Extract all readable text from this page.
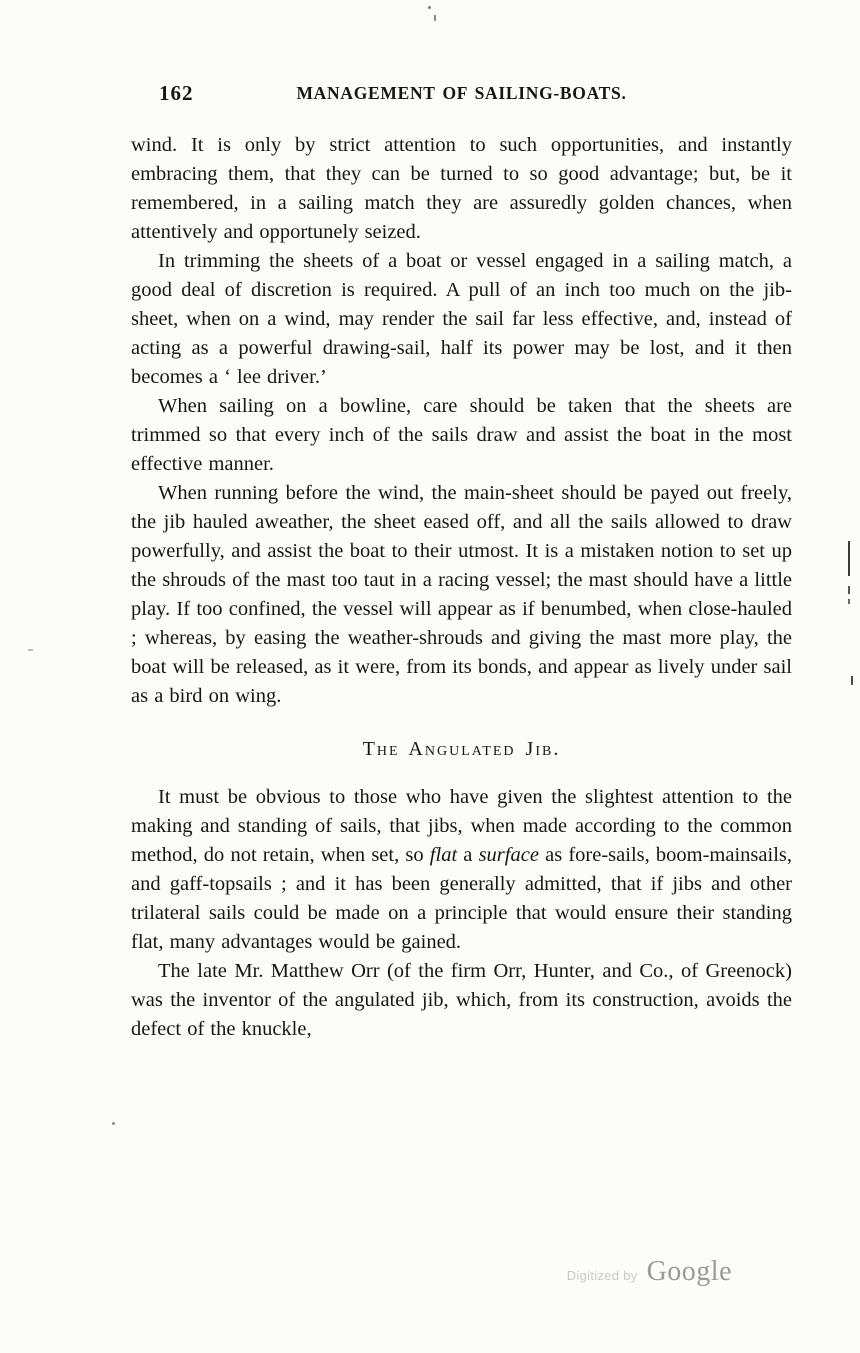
162	MANAGEMENT OF SAILING-BOATS.

wind. It is only by strict attention to such opportunities, and instantly embracing them, that they can be turned to so good advantage; but, be it remembered, in a sailing match they are assuredly golden chances, when attentively and opportunely seized.

In trimming the sheets of a boat or vessel engaged in a sailing match, a good deal of discretion is required. A pull of an inch too much on the jib-sheet, when on a wind, may render the sail far less effective, and, instead of acting as a powerful drawing-sail, half its power may be lost, and it then becomes a ‘ lee driver.’

When sailing on a bowline, care should be taken that the sheets are trimmed so that every inch of the sails draw and assist the boat in the most effective manner.

When running before the wind, the main-sheet should be payed out freely, the jib hauled aweather, the sheet eased off, and all the sails allowed to draw powerfully, and assist the boat to their utmost. It is a mistaken notion to set up the shrouds of the mast too taut in a racing vessel; the mast should have a little play. If too confined, the vessel will appear as if benumbed, when close-hauled ; whereas, by easing the weather-shrouds and giving the mast more play, the boat will be released, as it were, from its bonds, and appear as lively under sail as a bird on wing.

The Angulated Jib.

It must be obvious to those who have given the slightest attention to the making and standing of sails, that jibs, when made according to the common method, do not retain, when set, so flat a surface as fore-sails, boom-mainsails, and gaff-topsails ; and it has been generally admitted, that if jibs and other trilateral sails could be made on a principle that would ensure their standing flat, many advantages would be gained.

The late Mr. Matthew Orr (of the firm Orr, Hunter, and Co., of Greenock) was the inventor of the angulated jib, which, from its construction, avoids the defect of the knuckle,

Digitized by Google
